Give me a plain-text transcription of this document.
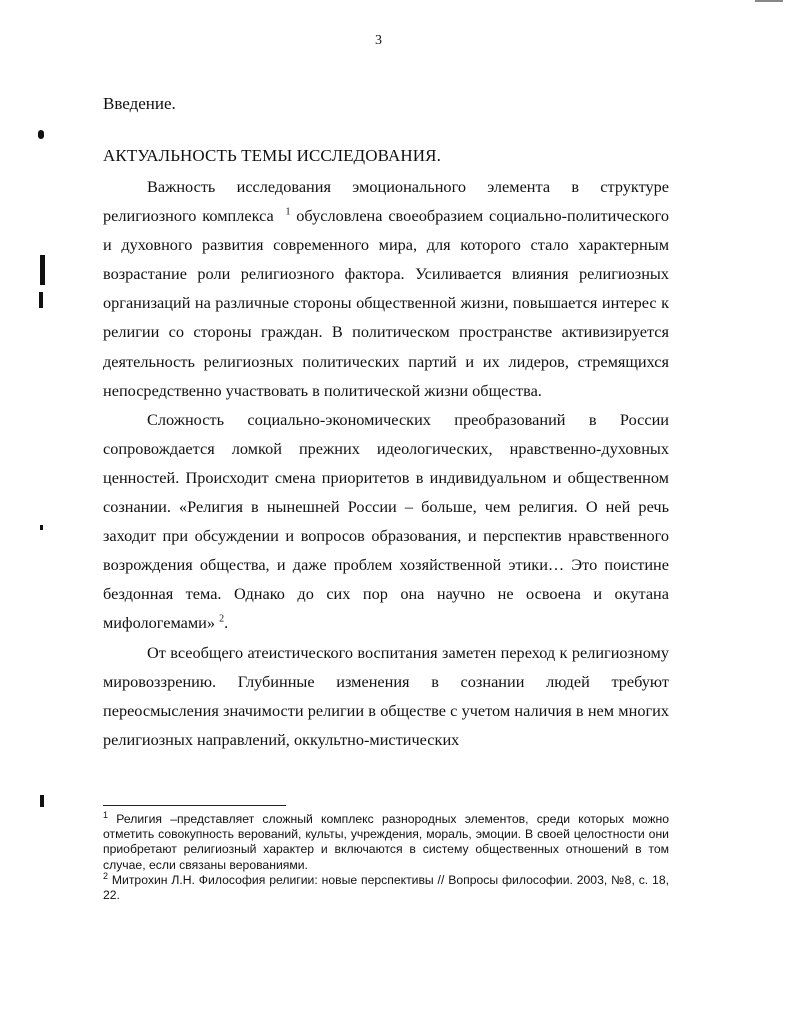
3
Введение.
АКТУАЛЬНОСТЬ ТЕМЫ ИССЛЕДОВАНИЯ.

Важность исследования эмоционального элемента в структуре религиозного комплекса $^1$ обусловлена своеобразием социально-политического и духовного развития современного мира, для которого стало характерным возрастание роли религиозного фактора. Усиливается влияния религиозных организаций на различные стороны общественной жизни, повышается интерес к религии со стороны граждан. В политическом пространстве активизируется деятельность религиозных политических партий и их лидеров, стремящихся непосредственно участвовать в политической жизни общества.

Сложность социально-экономических преобразований в России сопровождается ломкой прежних идеологических, нравственно-духовных ценностей. Происходит смена приоритетов в индивидуальном и общественном сознании. «Религия в нынешней России – больше, чем религия. О ней речь заходит при обсуждении и вопросов образования, и перспектив нравственного возрождения общества, и даже проблем хозяйственной этики… Это поистине бездонная тема. Однако до сих пор она научно не освоена и окутана мифологемами» $^2$.

От всеобщего атеистического воспитания заметен переход к религиозному мировоззрению. Глубинные изменения в сознании людей требуют переосмысления значимости религии в обществе с учетом наличия в нем многих религиозных направлений, оккультно-мистических

$^1$ Религия –представляет сложный комплекс разнородных элементов, среди которых можно отметить совокупность верований, культы, учреждения, мораль, эмоции. В своей целостности они приобретают религиозный характер и включаются в систему общественных отношений в том случае, если связаны верованиями.

$^2$ Митрохин Л.Н. Философия религии: новые перспективы // Вопросы философии. 2003, №8, с. 18, 22.
